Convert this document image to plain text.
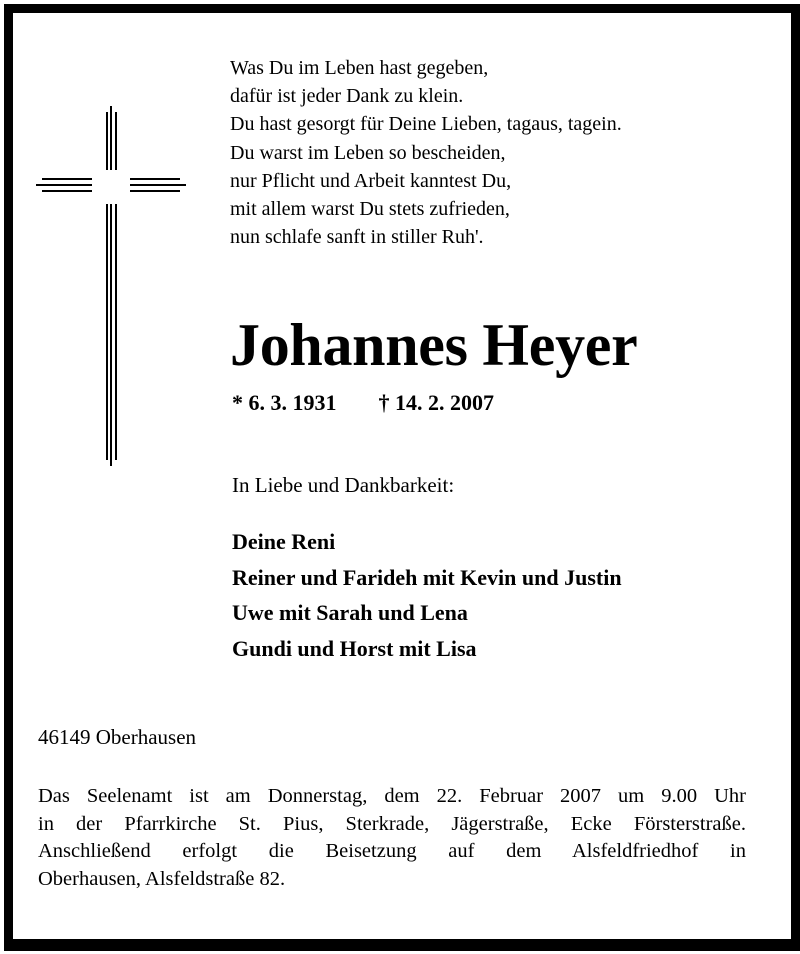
Was Du im Leben hast gegeben,
dafür ist jeder Dank zu klein.
Du hast gesorgt für Deine Lieben, tagaus, tagein.
Du warst im Leben so bescheiden,
nur Pflicht und Arbeit kanntest Du,
mit allem warst Du stets zufrieden,
nun schlafe sanft in stiller Ruh'.
Johannes Heyer
* 6. 3. 1931 † 14. 2. 2007
In Liebe und Dankbarkeit:
Deine Reni
Reiner und Farideh mit Kevin und Justin
Uwe mit Sarah und Lena
Gundi und Horst mit Lisa
46149 Oberhausen
Das Seelenamt ist am Donnerstag, dem 22. Februar 2007 um 9.00 Uhr
in der Pfarrkirche St. Pius, Sterkrade, Jägerstraße, Ecke Försterstraße.
Anschließend erfolgt die Beisetzung auf dem Alsfeldfriedhof in
Oberhausen, Alsfeldstraße 82.
